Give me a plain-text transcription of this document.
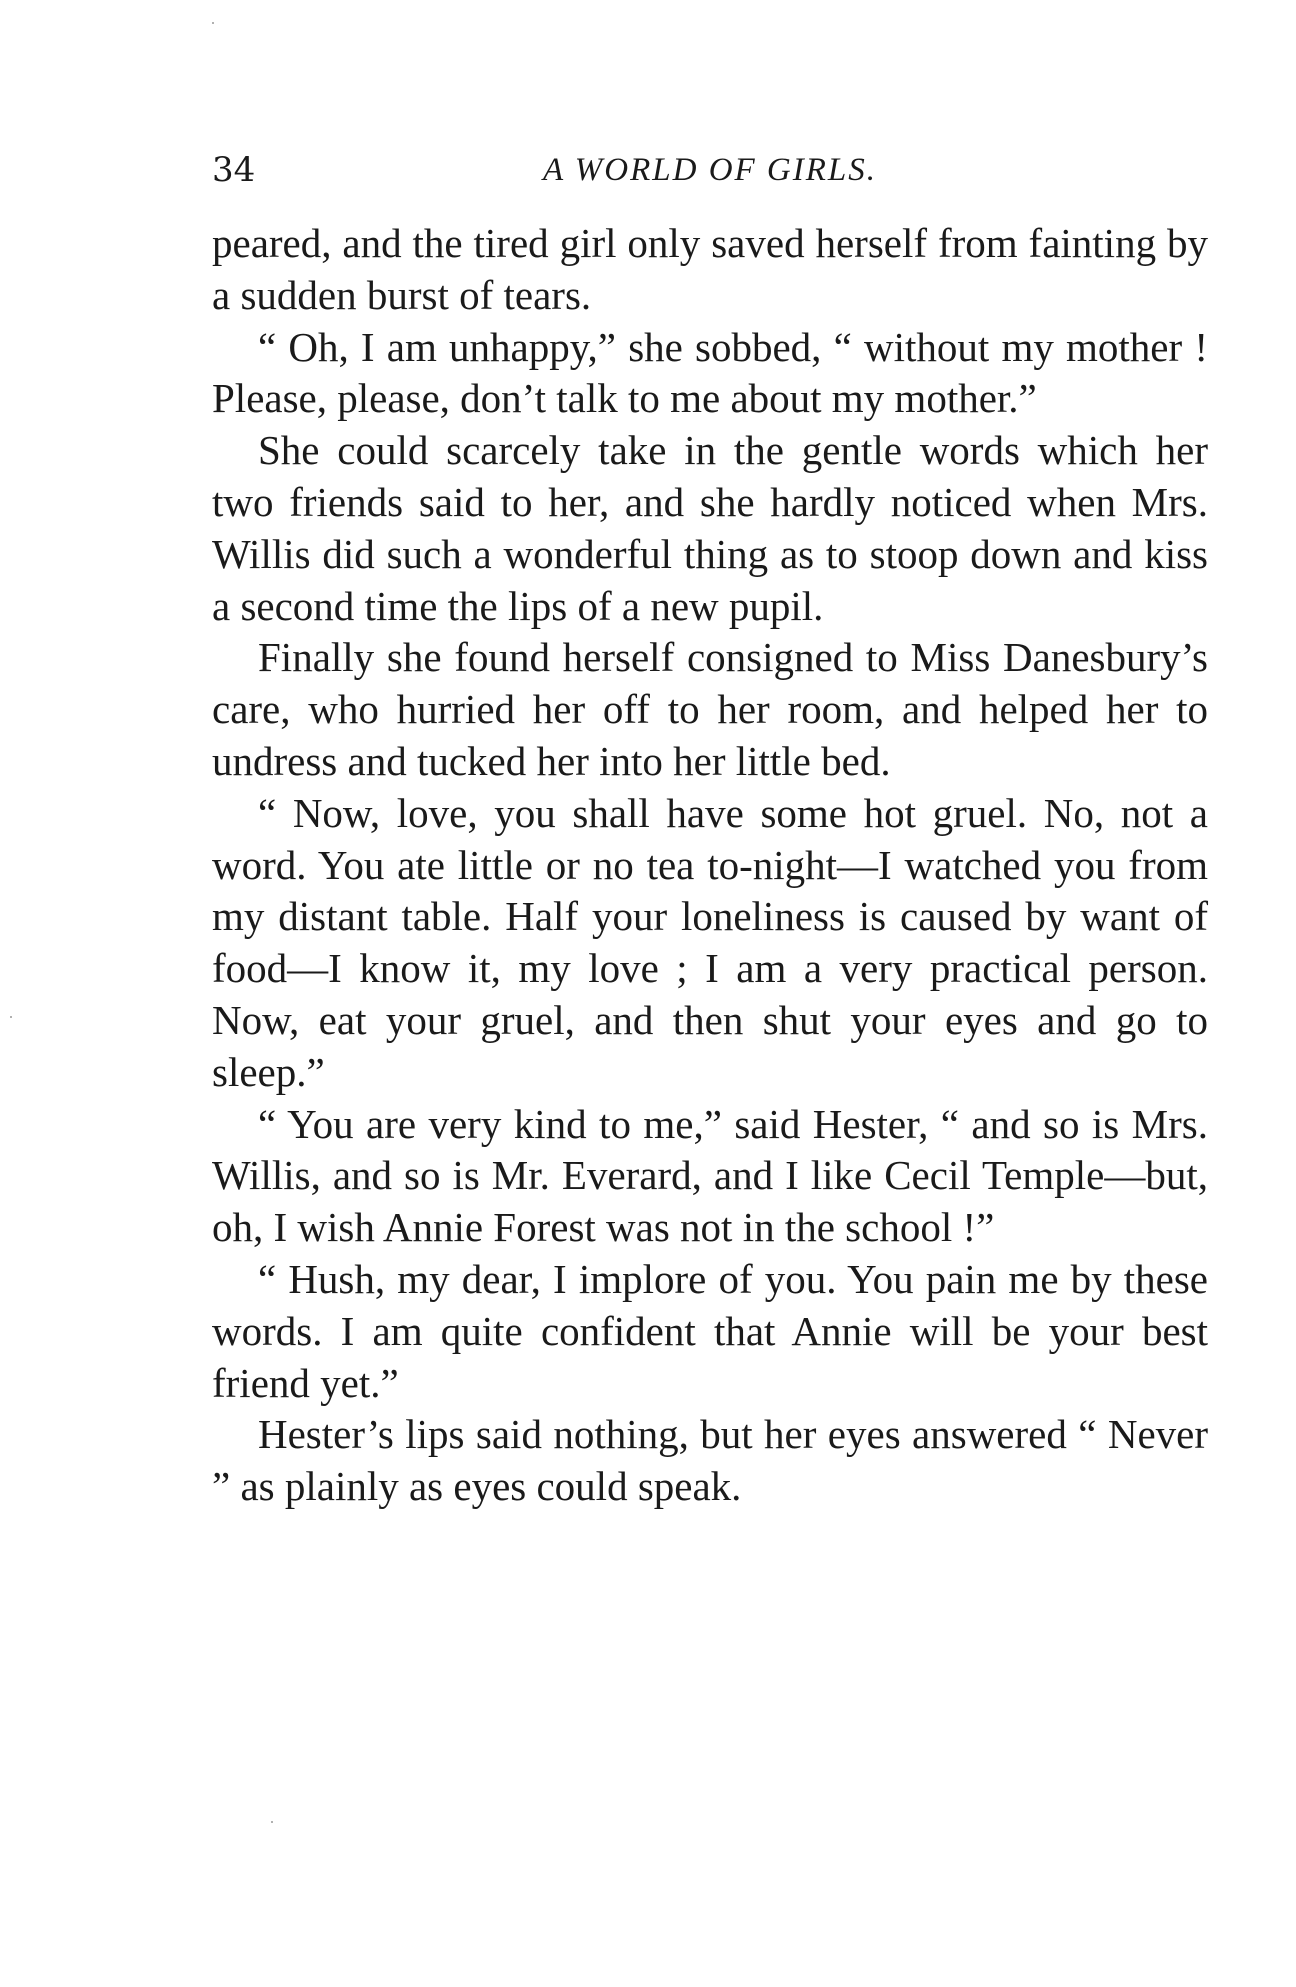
34	A WORLD OF GIRLS.

peared, and the tired girl only saved herself from fainting by a sudden burst of tears.

“ Oh, I am unhappy,” she sobbed, “ without my mother ! Please, please, don’t talk to me about my mother.”

She could scarcely take in the gentle words which her two friends said to her, and she hardly noticed when Mrs. Willis did such a wonderful thing as to stoop down and kiss a second time the lips of a new pupil.

Finally she found herself consigned to Miss Danesbury’s care, who hurried her off to her room, and helped her to undress and tucked her into her little bed.

“ Now, love, you shall have some hot gruel. No, not a word. You ate little or no tea to-night—I watched you from my distant table. Half your loneliness is caused by want of food—I know it, my love ; I am a very practical person. Now, eat your gruel, and then shut your eyes and go to sleep.”

“ You are very kind to me,” said Hester, “ and so is Mrs. Willis, and so is Mr. Everard, and I like Cecil Temple—but, oh, I wish Annie Forest was not in the school !”

“ Hush, my dear, I implore of you. You pain me by these words. I am quite confident that Annie will be your best friend yet.”

Hester’s lips said nothing, but her eyes answered “ Never ” as plainly as eyes could speak.
